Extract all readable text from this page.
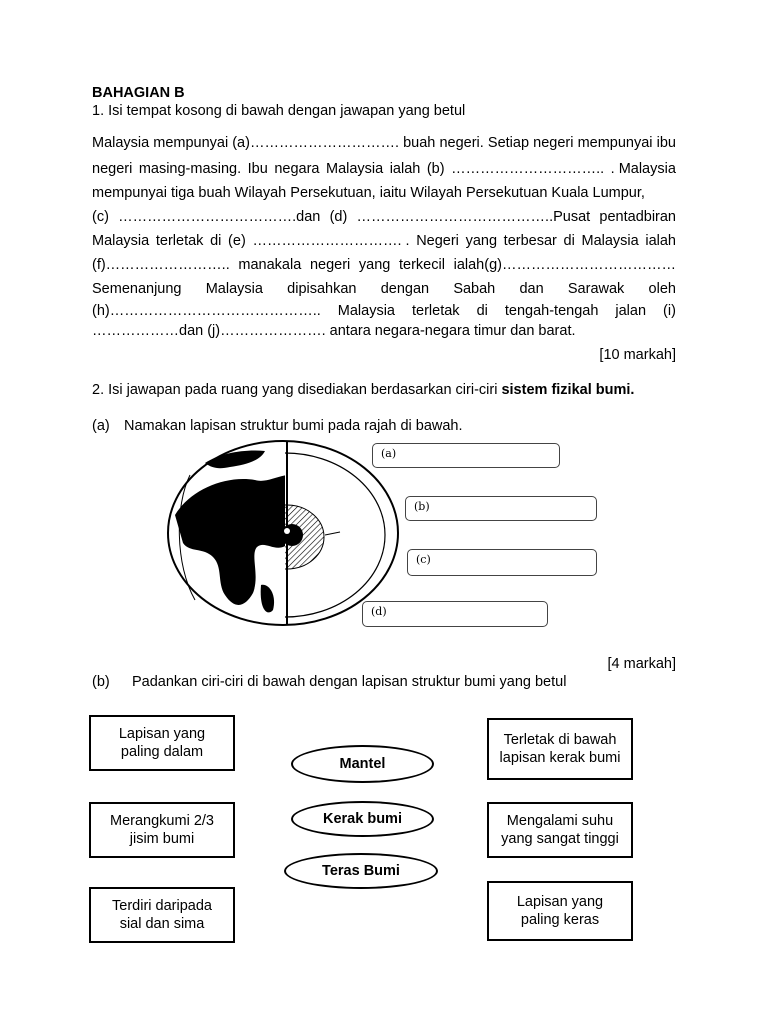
BAHAGIAN B
1. Isi tempat kosong di bawah dengan jawapan yang betul
Malaysia mempunyai (a)…………………………. buah negeri. Setiap negeri mempunyai ibu
negeri masing-masing. Ibu negara Malaysia ialah (b) ………………………….. . Malaysia
mempunyai tiga buah Wilayah Persekutuan, iaitu Wilayah Persekutuan Kuala Lumpur,
(c) ……………………………….dan (d) …………………………………..Pusat pentadbiran
Malaysia terletak di (e) …………………………. . Negeri yang terbesar di Malaysia ialah
(f)…………………….. manakala negeri yang terkecil ialah(g)………………………………
Semenanjung Malaysia dipisahkan dengan Sabah dan Sarawak oleh
(h)…………………………………….. Malaysia terletak di tengah-tengah jalan (i)
………………dan (j)…………………. antara negara-negara timur dan barat.
[10 markah]
2. Isi jawapan pada ruang yang disediakan berdasarkan ciri-ciri sistem fizikal bumi.
(a) Namakan lapisan struktur bumi pada rajah di bawah.
(a)
(b)
(c)
(d)
[4 markah]
(b) Padankan ciri-ciri di bawah dengan lapisan struktur bumi yang betul
Lapisan yang paling dalam
Merangkumi 2/3 jisim bumi
Terdiri daripada sial dan sima
Mantel
Kerak bumi
Teras Bumi
Terletak di bawah lapisan kerak bumi
Mengalami suhu yang sangat tinggi
Lapisan yang paling keras
